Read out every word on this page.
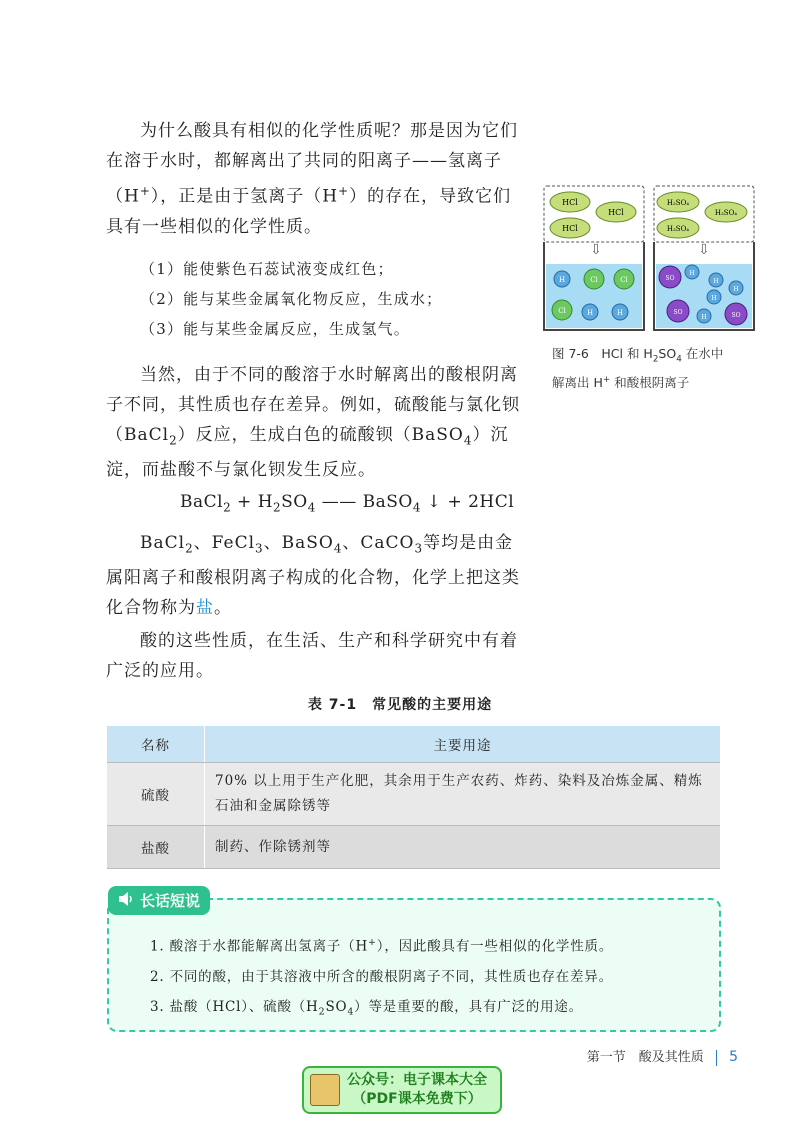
为什么酸具有相似的化学性质呢？那是因为它们在溶于水时，都解离出了共同的阳离子——氢离子（H+），正是由于氢离子（H+）的存在，导致它们具有一些相似的化学性质。
（1）能使紫色石蕊试液变成红色；
（2）能与某些金属氧化物反应，生成水；
（3）能与某些金属反应，生成氢气。
当然，由于不同的酸溶于水时解离出的酸根阴离子不同，其性质也存在差异。例如，硫酸能与氯化钡（BaCl$_2$）反应，生成白色的硫酸钡（BaSO$_4$）沉淀，而盐酸不与氯化钡发生反应。
BaCl$_2$ + $H_2SO_4$ —— BaSO$_4$ ↓ + 2HCl
BaCl$_2$、FeCl$_3$、BaSO$_4$、CaCO$_3$等均是由金属阳离子和酸根阴离子构成的化合物，化学上把这类化合物称为盐。
酸的这些性质，在生活、生产和科学研究中有着广泛的应用。
HCl
HCl
HCl
⇩
H	Cl	Cl
Cl	H	H
H₂SO₄
H₂SO₄
H₂SO₄
⇩
SO
H
H
H
H
SO
H	SO
图 7-6　HCl 和 $H_2SO_4$ 在水中
解离出 H+ 和酸根阴离子
表 7-1　常见酸的主要用途
名称	主要用途
硫酸	70% 以上用于生产化肥，其余用于生产农药、炸药、染料及冶炼金属、精炼石油和金属除锈等
盐酸	制药、作除锈剂等
长话短说
1. 酸溶于水都能解离出氢离子（H+），因此酸具有一些相似的化学性质。
2. 不同的酸，由于其溶液中所含的酸根阴离子不同，其性质也存在差异。
3. 盐酸（HCl）、硫酸$(H_2SO_4)$等是重要的酸，具有广泛的用途。
第一节　酸及其性质 5
公众号：电子课本大全
（PDF课本免费下）
